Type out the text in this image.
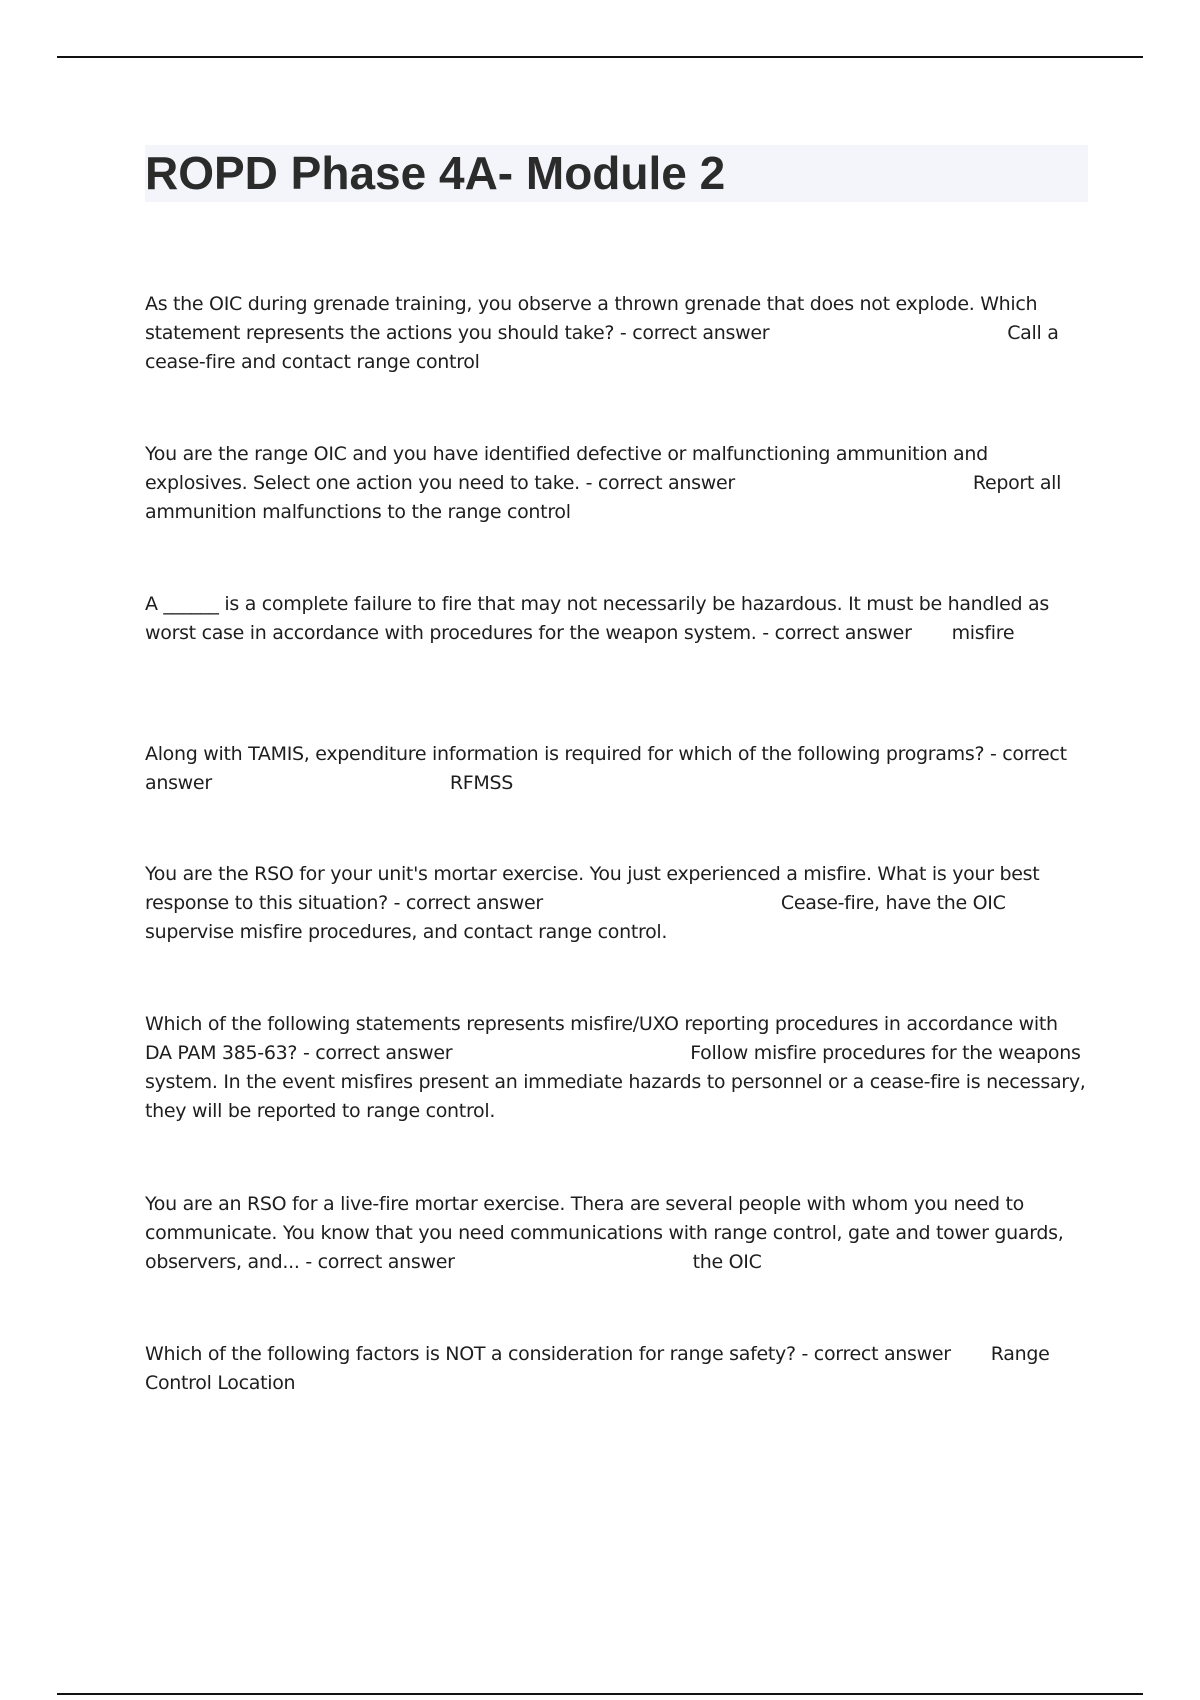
ROPD Phase 4A- Module 2
As the OIC during grenade training, you observe a thrown grenade that does not explode. Which statement represents the actions you should take? - correct answer	Call a cease-fire and contact range control
You are the range OIC and you have identified defective or malfunctioning ammunition and explosives. Select one action you need to take. - correct answer	Report all ammunition malfunctions to the range control
A ______ is a complete failure to fire that may not necessarily be hazardous. It must be handled as worst case in accordance with procedures for the weapon system. - correct answer misfire
Along with TAMIS, expenditure information is required for which of the following programs? - correct answer	RFMSS
You are the RSO for your unit's mortar exercise. You just experienced a misfire. What is your best response to this situation? - correct answer	Cease-fire, have the OIC supervise misfire procedures, and contact range control.
Which of the following statements represents misfire/UXO reporting procedures in accordance with DA PAM 385-63? - correct answer	Follow misfire procedures for the weapons system. In the event misfires present an immediate hazards to personnel or a cease-fire is necessary, they will be reported to range control.
You are an RSO for a live-fire mortar exercise. Thera are several people with whom you need to communicate. You know that you need communications with range control, gate and tower guards, observers, and... - correct answer	the OIC
Which of the following factors is NOT a consideration for range safety? - correct answer Range Control Location
